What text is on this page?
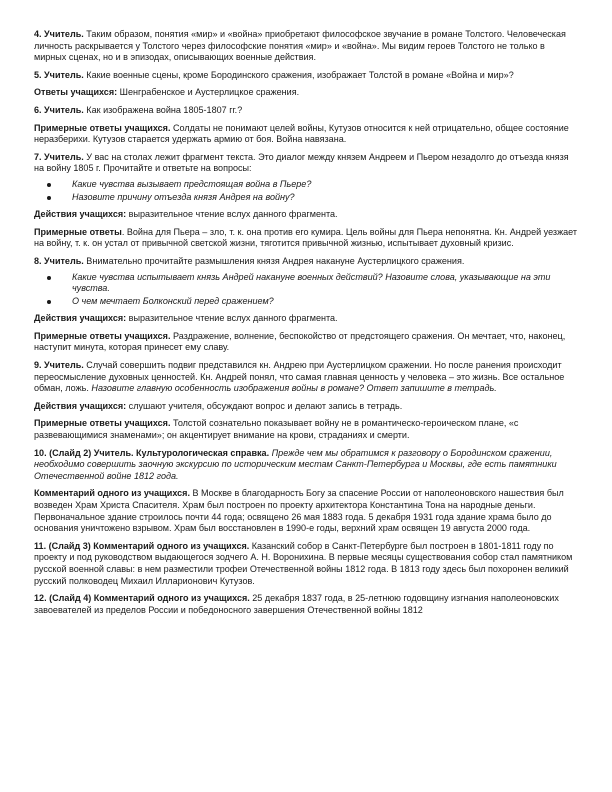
4. Учитель. Таким образом, понятия «мир» и «война» приобретают философское звучание в романе Толстого. Человеческая личность раскрывается у Толстого через философские понятия «мир» и «война». Мы видим героев Толстого не только в мирных сценах, но и в эпизодах, описывающих военные действия.

5. Учитель. Какие военные сцены, кроме Бородинского сражения, изображает Толстой в романе «Война и мир»?

Ответы учащихся: Шенграбенское и Аустерлицкое сражения.

6. Учитель. Как изображена война 1805-1807 гг.?

Примерные ответы учащихся. Солдаты не понимают целей войны, Кутузов относится к ней отрицательно, общее состояние неразберихи. Кутузов старается удержать армию от боя. Война навязана.

7. Учитель. У вас на столах лежит фрагмент текста. Это диалог между князем Андреем и Пьером незадолго до отъезда князя на войну 1805 г. Прочитайте и ответьте на вопросы:

Какие чувства вызывает предстоящая война в Пьере?
Назовите причину отъезда князя Андрея на войну?

Действия учащихся: выразительное чтение вслух данного фрагмента.

Примерные ответы. Война для Пьера – зло, т. к. она против его кумира. Цель войны для Пьера непонятна. Кн. Андрей уезжает на войну, т. к. он устал от привычной светской жизни, тяготится привычной жизнью, испытывает духовный кризис.

8. Учитель. Внимательно прочитайте размышления князя Андрея накануне Аустерлицкого сражения.

Какие чувства испытывает князь Андрей накануне военных действий? Назовите слова, указывающие на эти чувства.
О чем мечтает Болконский перед сражением?

Действия учащихся: выразительное чтение вслух данного фрагмента.

Примерные ответы учащихся. Раздражение, волнение, беспокойство от предстоящего сражения. Он мечтает, что, наконец, наступит минута, которая принесет ему славу.

9. Учитель. Случай совершить подвиг представился кн. Андрею при Аустерлицком сражении. Но после ранения происходит переосмысление духовных ценностей. Кн. Андрей понял, что самая главная ценность у человека – это жизнь. Все остальное обман, ложь. Назовите главную особенность изображения войны в романе? Ответ запишите в тетрадь.

Действия учащихся: слушают учителя, обсуждают вопрос и делают запись в тетрадь.

Примерные ответы учащихся. Толстой сознательно показывает войну не в романтическо-героическом плане, «с развевающимися знаменами»; он акцентирует внимание на крови, страданиях и смерти.

10. (Слайд 2) Учитель. Культурологическая справка. Прежде чем мы обратимся к разговору о Бородинском сражении, необходимо совершить заочную экскурсию по историческим местам Санкт-Петербурга и Москвы, где есть памятники Отечественной войне 1812 года.

Комментарий одного из учащихся. В Москве в благодарность Богу за спасение России от наполеоновского нашествия был возведен Храм Христа Спасителя. Храм был построен по проекту архитектора Константина Тона на народные деньги. Первоначальное здание строилось почти 44 года; освящено 26 мая 1883 года. 5 декабря 1931 года здание храма было до основания уничтожено взрывом. Храм был восстановлен в 1990-е годы, верхний храм освящен 19 августа 2000 года.

11. (Слайд 3) Комментарий одного из учащихся. Казанский собор в Санкт-Петербурге был построен в 1801-1811 году по проекту и под руководством выдающегося зодчего А. Н. Воронихина. В первые месяцы существования собор стал памятником русской военной славы: в нем разместили трофеи Отечественной войны 1812 года. В 1813 году здесь был похоронен великий русский полководец Михаил Илларионович Кутузов.

12. (Слайд 4) Комментарий одного из учащихся. 25 декабря 1837 года, в 25-летнюю годовщину изгнания наполеоновских завоевателей из пределов России и победоносного завершения Отечественной войны 1812
